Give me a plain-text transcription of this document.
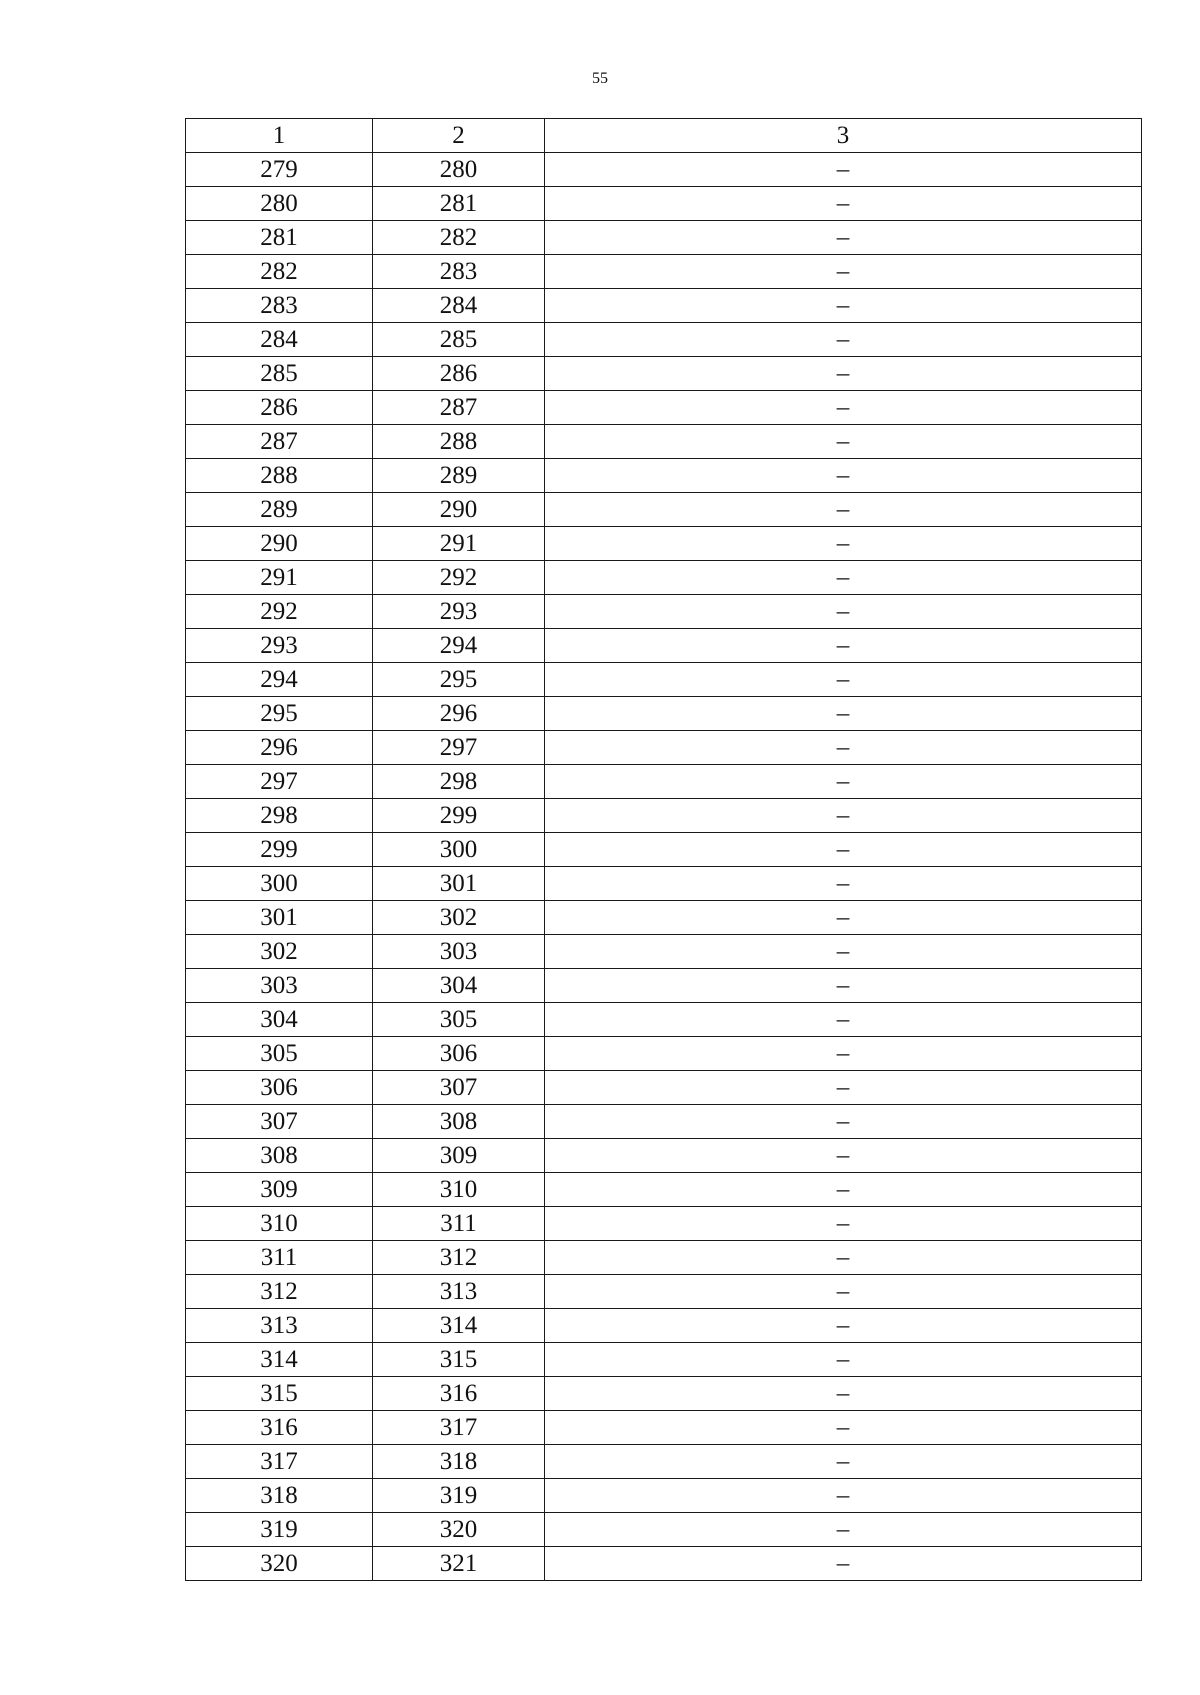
55
1	2	3
279	280	–
280	281	–
281	282	–
282	283	–
283	284	–
284	285	–
285	286	–
286	287	–
287	288	–
288	289	–
289	290	–
290	291	–
291	292	–
292	293	–
293	294	–
294	295	–
295	296	–
296	297	–
297	298	–
298	299	–
299	300	–
300	301	–
301	302	–
302	303	–
303	304	–
304	305	–
305	306	–
306	307	–
307	308	–
308	309	–
309	310	–
310	311	–
311	312	–
312	313	–
313	314	–
314	315	–
315	316	–
316	317	–
317	318	–
318	319	–
319	320	–
320	321	–
